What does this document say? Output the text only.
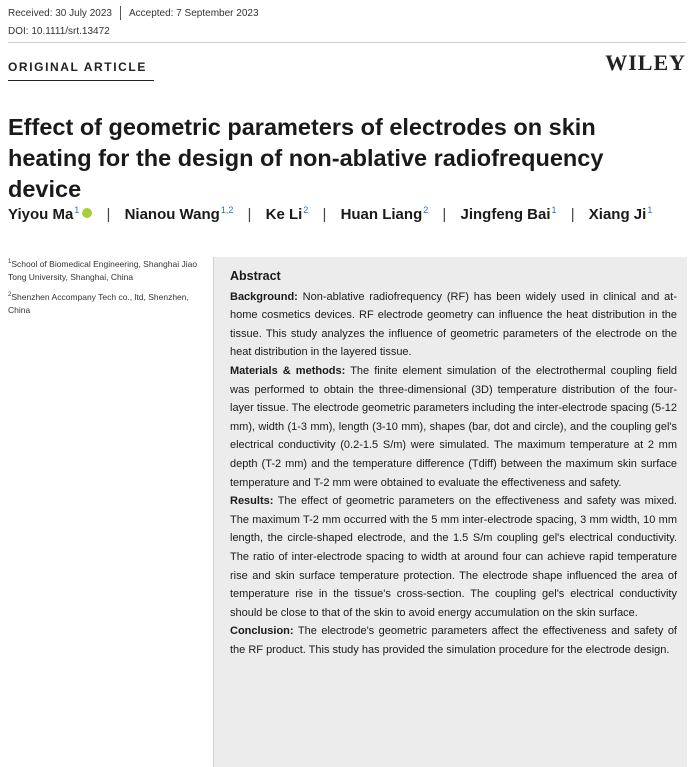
Received: 30 July 2023 Accepted: 7 September 2023
DOI: 10.1111/srt.13472
ORIGINAL ARTICLE	WILEY
Effect of geometric parameters of electrodes on skin heating for the design of non-ablative radiofrequency device
Yiyou Ma$^1$ | Nianou Wang$^{1,2}$ | Ke Li$^2$ | Huan Liang$^2$ | Jingfeng Bai$^1$ | Xiang Ji$^1$
$^1$School of Biomedical Engineering, Shanghai Jiao Tong University, Shanghai, China
$^2$Shenzhen Accompany Tech co., ltd, Shenzhen, China
Abstract

Background: Non-ablative radiofrequency (RF) has been widely used in clinical and at-home cosmetics devices. RF electrode geometry can influence the heat distribution in the tissue. This study analyzes the influence of geometric parameters of the electrode on the heat distribution in the layered tissue.

Materials & methods: The finite element simulation of the electrothermal coupling field was performed to obtain the three-dimensional (3D) temperature distribution of the four-layer tissue. The electrode geometric parameters including the inter-electrode spacing (5-12 mm), width (1-3 mm), length (3-10 mm), shapes (bar, dot and circle), and the coupling gel's electrical conductivity (0.2-1.5 S/m) were simulated. The maximum temperature at 2 mm depth (T-2 mm) and the temperature difference (Tdiff) between the maximum skin surface temperature and T-2 mm were obtained to evaluate the effectiveness and safety.

Results: The effect of geometric parameters on the effectiveness and safety was mixed. The maximum T-2 mm occurred with the 5 mm inter-electrode spacing, 3 mm width, 10 mm length, the circle-shaped electrode, and the 1.5 S/m coupling gel's electrical conductivity. The ratio of inter-electrode spacing to width at around four can achieve rapid temperature rise and skin surface temperature protection. The electrode shape influenced the area of temperature rise in the tissue's cross-section. The coupling gel's electrical conductivity should be close to that of the skin to avoid energy accumulation on the skin surface.

Conclusion: The electrode's geometric parameters affect the effectiveness and safety of the RF product. This study has provided the simulation procedure for the electrode design.
